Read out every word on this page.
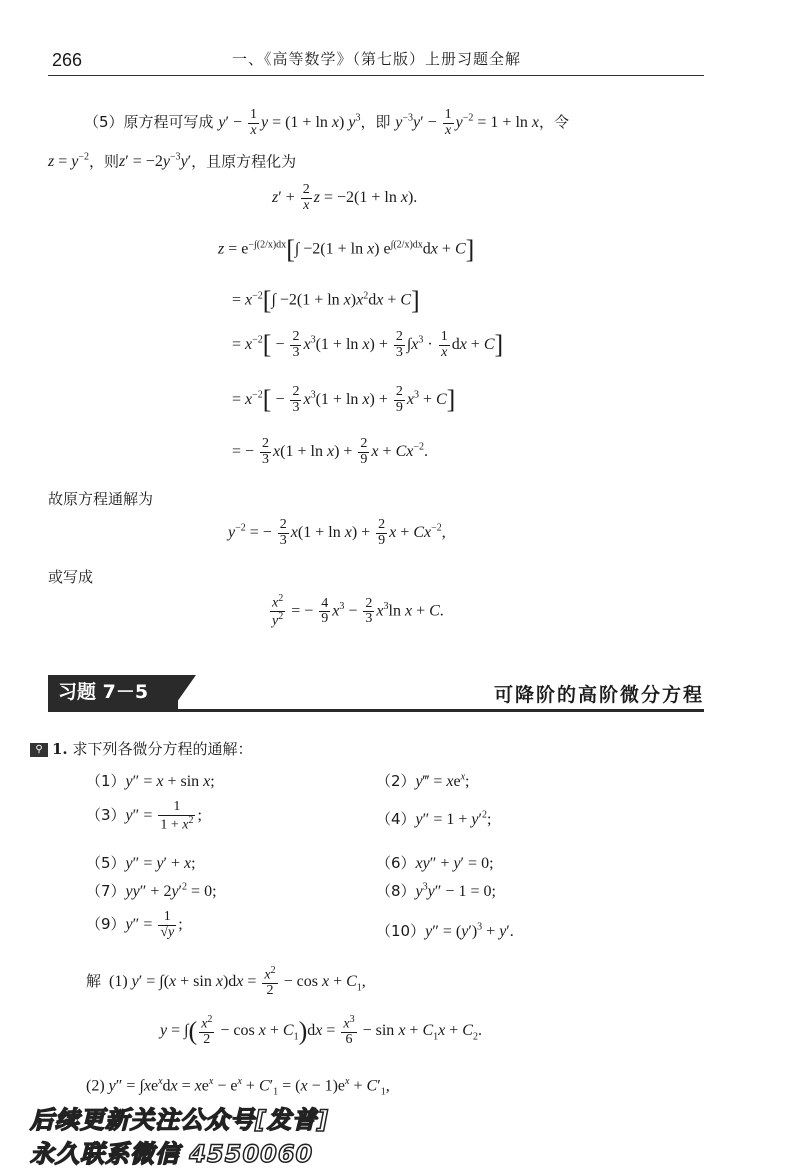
266	一、《高等数学》（第七版）上册习题全解
（5）原方程可写成 $y' - \frac{1}{x}$ y = (1 + ln x) $y^3$，即 $y^{-3}y' - \frac{1}{x} y^{-2} = 1 + \ln x$，令
$z = y^{-2}$，则$z' = -2y^{-3}y'$，且原方程化为
$z' + \frac{2}{x}$ z = −2(1 + ln x).
$z = e^{-\int(2/x)dx}[\int -2(1 + \ln x) e^{\int(2/x)dx}dx + C]$
= $x^{-2}[\int -2(1 + \ln x)x^2dx + C]$
= $x^{-2}[ - \frac{2}{3} x^3(1 + \ln x) + \frac{2}{3} \int x^3 \cdot \frac{1}{x}$ dx + C]
= $x^{-2}[ - \frac{2}{3} x^3(1 + \ln x) + \frac{2}{9} x^3 + C]$
= − $\frac{2}{3} x(1 + \ln x) + \frac{2}{9}$ $x + Cx^{-2}$.
故原方程通解为
$y^{-2}$ = − $\frac{2}{3} x(1 + \ln x) + \frac{2}{9}$ $x + Cx^{-2}$,
或写成
$\frac{x^2}{y^2}$ = − $\frac{4}{9} x^3 - \frac{2}{3} x^3\ln$ x + C.
习题 7－5	可降阶的高阶微分方程
⚲ 1. 求下列各微分方程的通解：
（1）y″ = x + sin x;	（2）y‴ = $xe^x$;
$(3)y'' = \frac{1}{1 + x^2}$ ;	$(4)y'' = 1 + y'^2$;
（5）y″ = y′ + x;	（6）xy″ + y′ = 0;
$(7)yy'' + 2y'^2 = 0$;	$(8)y^3y'' - 1 = 0$;
$(9)y'' = \frac{1}{√y}$ ;	$(10)y'' = (y')^3 + y'$.
解  (1) $y' = \int(x + \sin x)dx = \frac{x^2}{2} - \cos x + C_1$,
y = ∫( $\frac{x^2}{2} - \cos x + C_1)dx = \frac{x^3}{6} - \sin x + C_1x + C_2$.
(2) $y'' = \int xe^xdx = xe^x - e^x + C'_1 = (x - 1)e^x + C'_1$,
后续更新关注公众号[发普]
永久联系微信 4550060
